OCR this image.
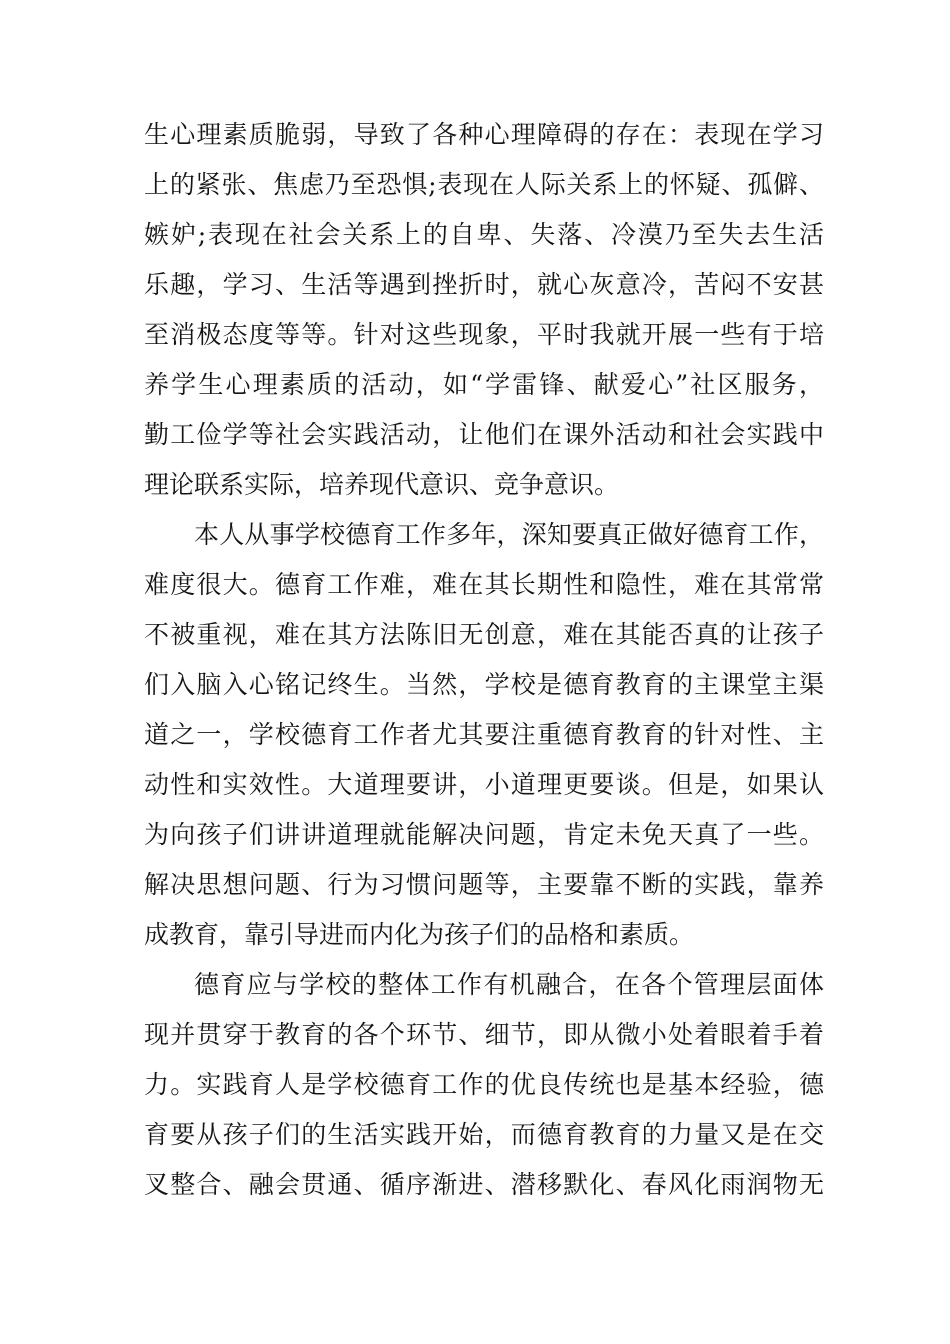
生心理素质脆弱，导致了各种心理障碍的存在：表现在学习
上的紧张、焦虑乃至恐惧;表现在人际关系上的怀疑、孤僻、
嫉妒;表现在社会关系上的自卑、失落、冷漠乃至失去生活
乐趣，学习、生活等遇到挫折时，就心灰意冷，苦闷不安甚
至消极态度等等。针对这些现象，平时我就开展一些有于培
养学生心理素质的活动，如“学雷锋、献爱心”社区服务，
勤工俭学等社会实践活动，让他们在课外活动和社会实践中
理论联系实际，培养现代意识、竞争意识。
本人从事学校德育工作多年，深知要真正做好德育工作，
难度很大。德育工作难，难在其长期性和隐性，难在其常常
不被重视，难在其方法陈旧无创意，难在其能否真的让孩子
们入脑入心铭记终生。当然，学校是德育教育的主课堂主渠
道之一，学校德育工作者尤其要注重德育教育的针对性、主
动性和实效性。大道理要讲，小道理更要谈。但是，如果认
为向孩子们讲讲道理就能解决问题，肯定未免天真了一些。
解决思想问题、行为习惯问题等，主要靠不断的实践，靠养
成教育，靠引导进而内化为孩子们的品格和素质。
德育应与学校的整体工作有机融合，在各个管理层面体
现并贯穿于教育的各个环节、细节，即从微小处着眼着手着
力。实践育人是学校德育工作的优良传统也是基本经验，德
育要从孩子们的生活实践开始，而德育教育的力量又是在交
叉整合、融会贯通、循序渐进、潜移默化、春风化雨润物无
